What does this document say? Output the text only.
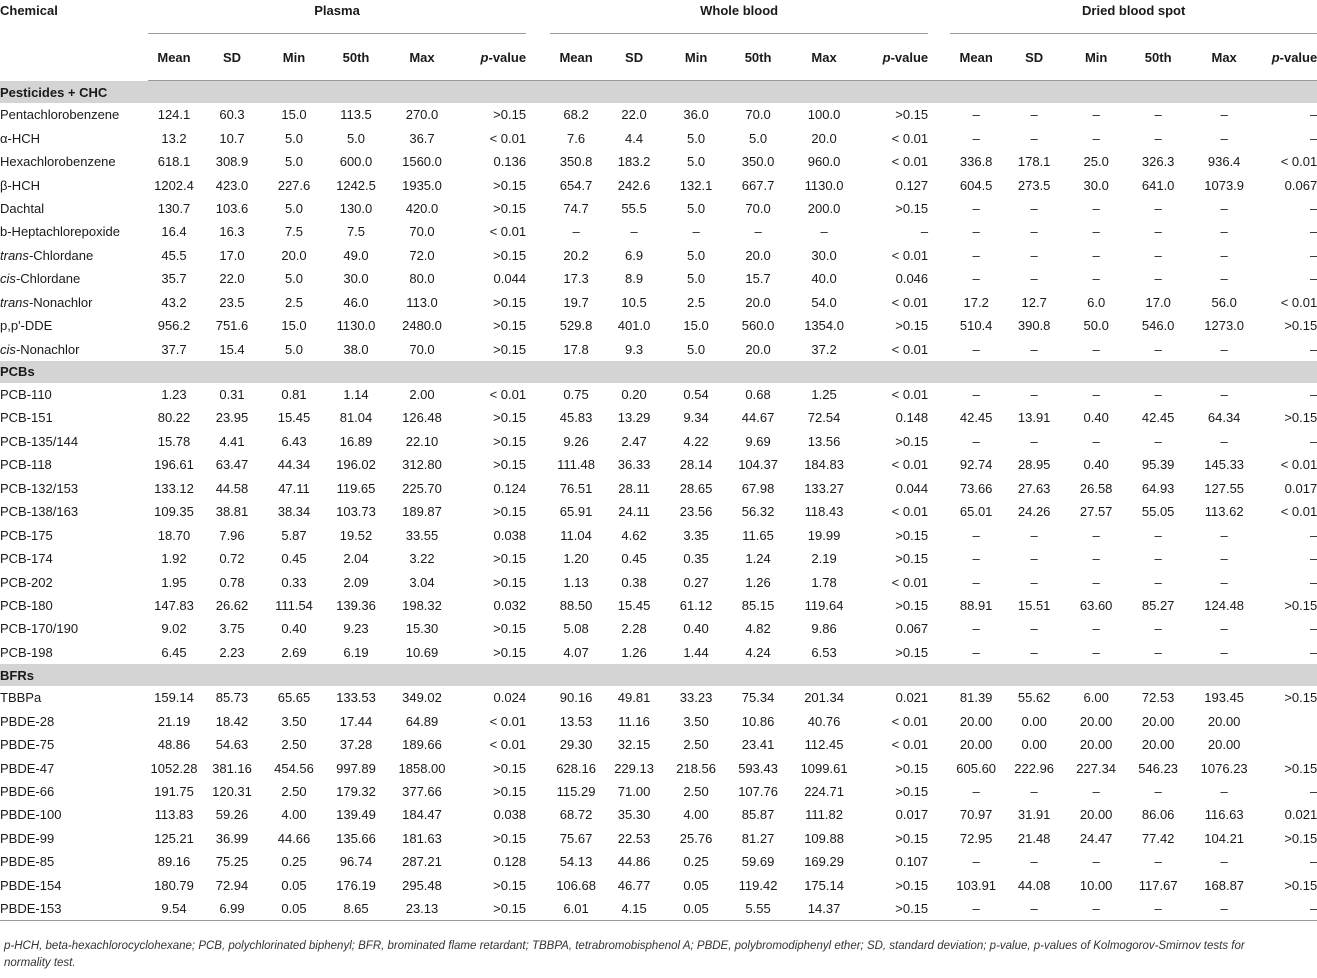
Chemical	Plasma							Whole blood							Dried blood spot					
	Mean	SD	Min	50th	Max	p-value		Mean	SD	Min	50th	Max	p-value		Mean	SD	Min	50th	Max	p-value
Pesticides + CHC																				
Pentachlorobenzene	124.1	60.3	15.0	113.5	270.0	>0.15		68.2	22.0	36.0	70.0	100.0	>0.15		–	–	–	–	–	–
α-HCH	13.2	10.7	5.0	5.0	36.7	< 0.01		7.6	4.4	5.0	5.0	20.0	< 0.01		–	–	–	–	–	–
Hexachlorobenzene	618.1	308.9	5.0	600.0	1560.0	0.136		350.8	183.2	5.0	350.0	960.0	< 0.01		336.8	178.1	25.0	326.3	936.4	< 0.01
β-HCH	1202.4	423.0	227.6	1242.5	1935.0	>0.15		654.7	242.6	132.1	667.7	1130.0	0.127		604.5	273.5	30.0	641.0	1073.9	0.067
Dachtal	130.7	103.6	5.0	130.0	420.0	>0.15		74.7	55.5	5.0	70.0	200.0	>0.15		–	–	–	–	–	–
b-Heptachlorepoxide	16.4	16.3	7.5	7.5	70.0	< 0.01		–	–	–	–	–	–		–	–	–	–	–	–
trans-Chlordane	45.5	17.0	20.0	49.0	72.0	>0.15		20.2	6.9	5.0	20.0	30.0	< 0.01		–	–	–	–	–	–
cis-Chlordane	35.7	22.0	5.0	30.0	80.0	0.044		17.3	8.9	5.0	15.7	40.0	0.046		–	–	–	–	–	–
trans-Nonachlor	43.2	23.5	2.5	46.0	113.0	>0.15		19.7	10.5	2.5	20.0	54.0	< 0.01		17.2	12.7	6.0	17.0	56.0	< 0.01
p,p'-DDE	956.2	751.6	15.0	1130.0	2480.0	>0.15		529.8	401.0	15.0	560.0	1354.0	>0.15		510.4	390.8	50.0	546.0	1273.0	>0.15
cis-Nonachlor	37.7	15.4	5.0	38.0	70.0	>0.15		17.8	9.3	5.0	20.0	37.2	< 0.01		–	–	–	–	–	–
PCBs																				
PCB-110	1.23	0.31	0.81	1.14	2.00	< 0.01		0.75	0.20	0.54	0.68	1.25	< 0.01		–	–	–	–	–	–
PCB-151	80.22	23.95	15.45	81.04	126.48	>0.15		45.83	13.29	9.34	44.67	72.54	0.148		42.45	13.91	0.40	42.45	64.34	>0.15
PCB-135/144	15.78	4.41	6.43	16.89	22.10	>0.15		9.26	2.47	4.22	9.69	13.56	>0.15		–	–	–	–	–	–
PCB-118	196.61	63.47	44.34	196.02	312.80	>0.15		111.48	36.33	28.14	104.37	184.83	< 0.01		92.74	28.95	0.40	95.39	145.33	< 0.01
PCB-132/153	133.12	44.58	47.11	119.65	225.70	0.124		76.51	28.11	28.65	67.98	133.27	0.044		73.66	27.63	26.58	64.93	127.55	0.017
PCB-138/163	109.35	38.81	38.34	103.73	189.87	>0.15		65.91	24.11	23.56	56.32	118.43	< 0.01		65.01	24.26	27.57	55.05	113.62	< 0.01
PCB-175	18.70	7.96	5.87	19.52	33.55	0.038		11.04	4.62	3.35	11.65	19.99	>0.15		–	–	–	–	–	–
PCB-174	1.92	0.72	0.45	2.04	3.22	>0.15		1.20	0.45	0.35	1.24	2.19	>0.15		–	–	–	–	–	–
PCB-202	1.95	0.78	0.33	2.09	3.04	>0.15		1.13	0.38	0.27	1.26	1.78	< 0.01		–	–	–	–	–	–
PCB-180	147.83	26.62	111.54	139.36	198.32	0.032		88.50	15.45	61.12	85.15	119.64	>0.15		88.91	15.51	63.60	85.27	124.48	>0.15
PCB-170/190	9.02	3.75	0.40	9.23	15.30	>0.15		5.08	2.28	0.40	4.82	9.86	0.067		–	–	–	–	–	–
PCB-198	6.45	2.23	2.69	6.19	10.69	>0.15		4.07	1.26	1.44	4.24	6.53	>0.15		–	–	–	–	–	–
BFRs																				
TBBPa	159.14	85.73	65.65	133.53	349.02	0.024		90.16	49.81	33.23	75.34	201.34	0.021		81.39	55.62	6.00	72.53	193.45	>0.15
PBDE-28	21.19	18.42	3.50	17.44	64.89	< 0.01		13.53	11.16	3.50	10.86	40.76	< 0.01		20.00	0.00	20.00	20.00	20.00	
PBDE-75	48.86	54.63	2.50	37.28	189.66	< 0.01		29.30	32.15	2.50	23.41	112.45	< 0.01		20.00	0.00	20.00	20.00	20.00	
PBDE-47	1052.28	381.16	454.56	997.89	1858.00	>0.15		628.16	229.13	218.56	593.43	1099.61	>0.15		605.60	222.96	227.34	546.23	1076.23	>0.15
PBDE-66	191.75	120.31	2.50	179.32	377.66	>0.15		115.29	71.00	2.50	107.76	224.71	>0.15		–	–	–	–	–	–
PBDE-100	113.83	59.26	4.00	139.49	184.47	0.038		68.72	35.30	4.00	85.87	111.82	0.017		70.97	31.91	20.00	86.06	116.63	0.021
PBDE-99	125.21	36.99	44.66	135.66	181.63	>0.15		75.67	22.53	25.76	81.27	109.88	>0.15		72.95	21.48	24.47	77.42	104.21	>0.15
PBDE-85	89.16	75.25	0.25	96.74	287.21	0.128		54.13	44.86	0.25	59.69	169.29	0.107		–	–	–	–	–	–
PBDE-154	180.79	72.94	0.05	176.19	295.48	>0.15		106.68	46.77	0.05	119.42	175.14	>0.15		103.91	44.08	10.00	117.67	168.87	>0.15
PBDE-153	9.54	6.99	0.05	8.65	23.13	>0.15		6.01	4.15	0.05	5.55	14.37	>0.15		–	–	–	–	–	–
p-HCH, beta-hexachlorocyclohexane; PCB, polychlorinated biphenyl; BFR, brominated flame retardant; TBBPA, tetrabromobisphenol A; PBDE, polybromodiphenyl ether; SD, standard deviation; p-value, p-values of Kolmogorov-Smirnov tests for normality test.
